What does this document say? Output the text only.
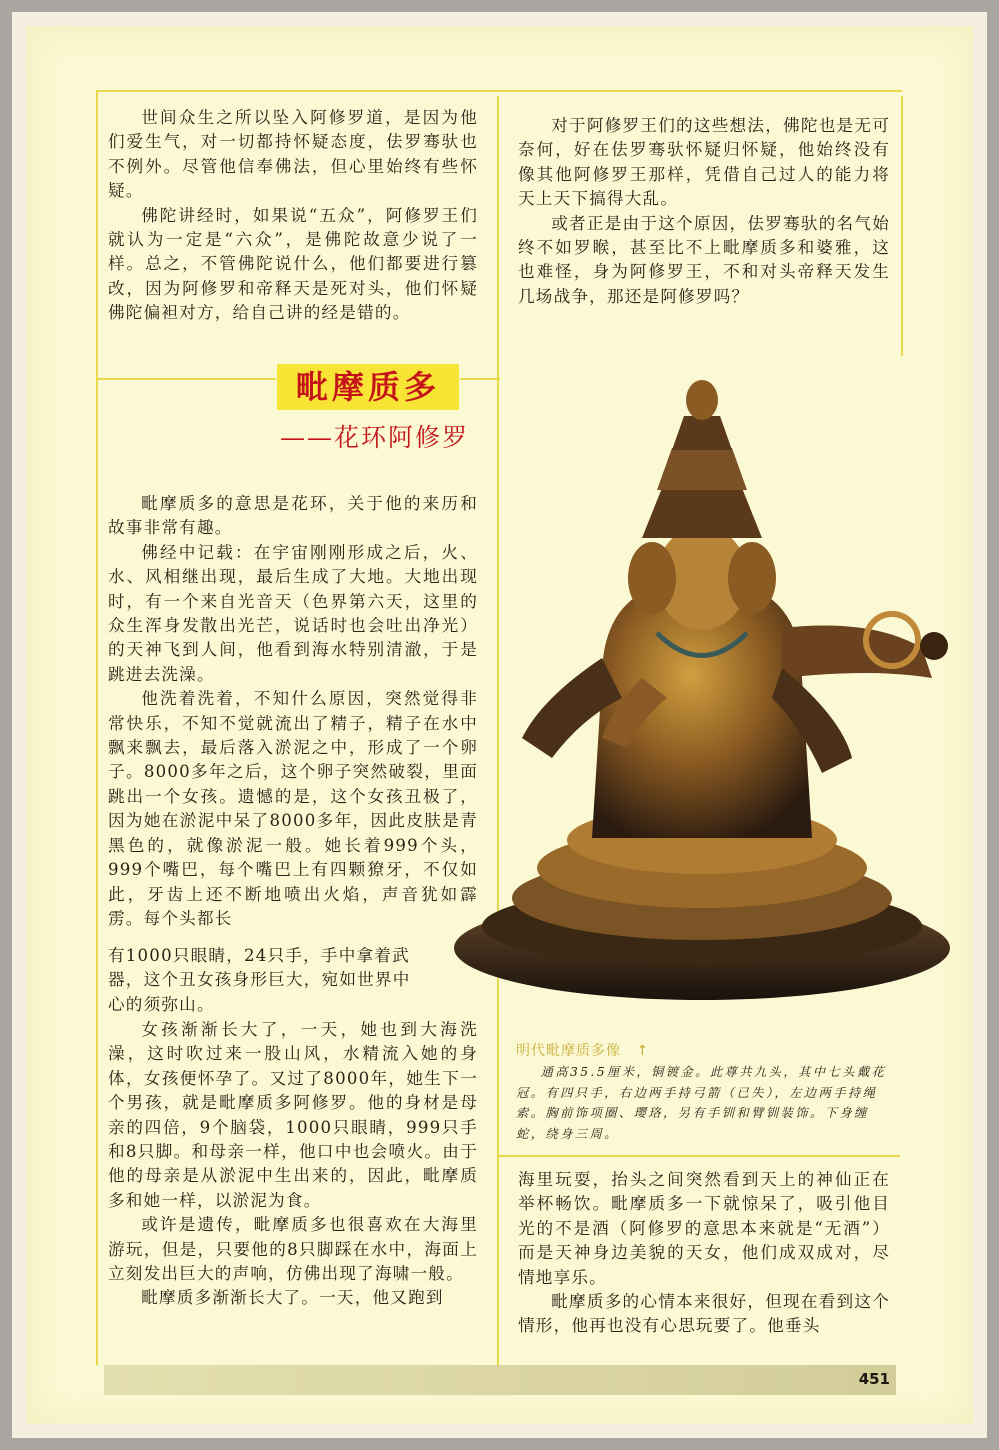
世间众生之所以坠入阿修罗道，是因为他们爱生气，对一切都持怀疑态度，佉罗骞驮也不例外。尽管他信奉佛法，但心里始终有些怀疑。

佛陀讲经时，如果说“五众”，阿修罗王们就认为一定是“六众”，是佛陀故意少说了一样。总之，不管佛陀说什么，他们都要进行篡改，因为阿修罗和帝释天是死对头，他们怀疑佛陀偏袒对方，给自己讲的经是错的。

对于阿修罗王们的这些想法，佛陀也是无可奈何，好在佉罗骞驮怀疑归怀疑，他始终没有像其他阿修罗王那样，凭借自己过人的能力将天上天下搞得大乱。

或者正是由于这个原因，佉罗骞驮的名气始终不如罗睺，甚至比不上毗摩质多和婆雅，这也难怪，身为阿修罗王，不和对头帝释天发生几场战争，那还是阿修罗吗？

毗摩质多
——花环阿修罗

毗摩质多的意思是花环，关于他的来历和故事非常有趣。

佛经中记载：在宇宙刚刚形成之后，火、水、风相继出现，最后生成了大地。大地出现时，有一个来自光音天（色界第六天，这里的众生浑身发散出光芒，说话时也会吐出净光）的天神飞到人间，他看到海水特别清澈，于是跳进去洗澡。

他洗着洗着，不知什么原因，突然觉得非常快乐，不知不觉就流出了精子，精子在水中飘来飘去，最后落入淤泥之中，形成了一个卵子。8000多年之后，这个卵子突然破裂，里面跳出一个女孩。遗憾的是，这个女孩丑极了，因为她在淤泥中呆了8000多年，因此皮肤是青黑色的，就像淤泥一般。她长着999个头，999个嘴巴，每个嘴巴上有四颗獠牙，不仅如此，牙齿上还不断地喷出火焰，声音犹如霹雳。每个头都长

有1000只眼睛，24只手，手中拿着武
器，这个丑女孩身形巨大，宛如世界中
心的须弥山。

女孩渐渐长大了，一天，她也到大海洗澡，这时吹过来一股山风，水精流入她的身体，女孩便怀孕了。又过了8000年，她生下一个男孩，就是毗摩质多阿修罗。他的身材是母亲的四倍，9个脑袋，1000只眼睛，999只手和8只脚。和母亲一样，他口中也会喷火。由于他的母亲是从淤泥中生出来的，因此，毗摩质多和她一样，以淤泥为食。

或许是遗传，毗摩质多也很喜欢在大海里游玩，但是，只要他的8只脚踩在水中，海面上立刻发出巨大的声响，仿佛出现了海啸一般。

毗摩质多渐渐长大了。一天，他又跑到

明代毗摩质多像 ↑
通高35.5厘米，铜镀金。此尊共九头，其中七头戴花冠。有四只手，右边两手持弓箭（已失），左边两手持绳索。胸前饰项圈、璎珞，另有手钏和臂钏装饰。下身缠蛇，绕身三周。

海里玩耍，抬头之间突然看到天上的神仙正在举杯畅饮。毗摩质多一下就惊呆了，吸引他目光的不是酒（阿修罗的意思本来就是“无酒”）而是天神身边美貌的天女，他们成双成对，尽情地享乐。

毗摩质多的心情本来很好，但现在看到这个情形，他再也没有心思玩要了。他垂头

451
